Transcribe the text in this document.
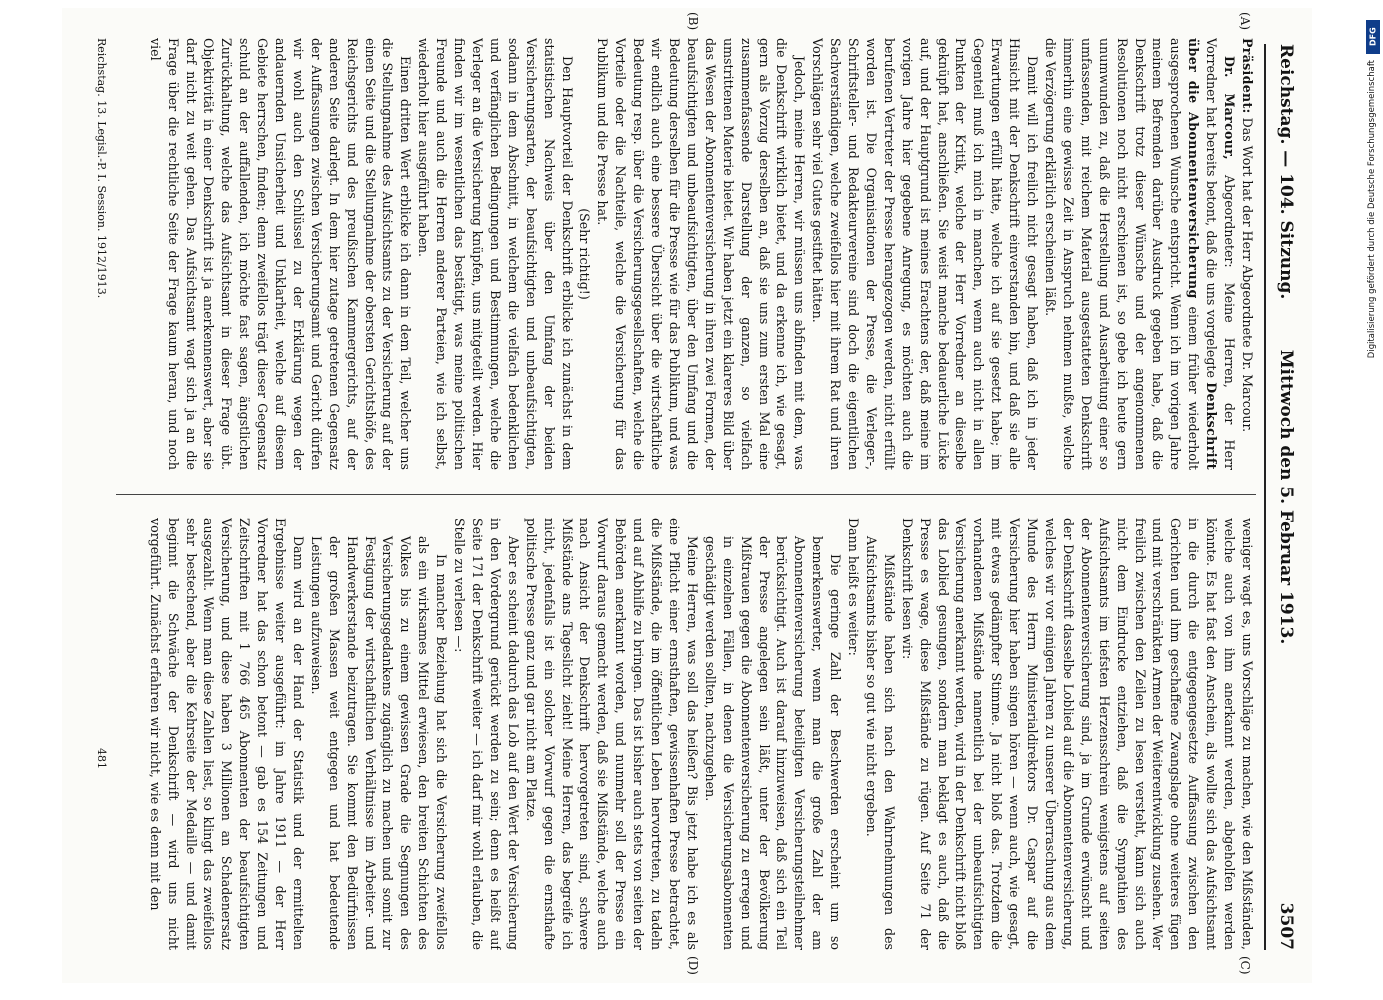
Reichstag. — 104. Sitzung.
Mittwoch den 5. Februar 1913.
3507
(A)
(B)
(C)
(D)

Präsident: Das Wort hat der Herr Abgeordnete Dr. Marcour.

Dr. Marcour, Abgeordneter: Meine Herren, der Herr Vorredner hat bereits betont, daß die uns vorgelegte Denkschrift über die Abonnentenversicherung einem früher wiederholt ausgesprochenen Wunsche entspricht. Wenn ich im vorigen Jahre meinem Befremden darüber Ausdruck gegeben habe, daß die Denkschrift trotz dieser Wünsche und der angenommenen Resolutionen noch nicht erschienen ist, so gebe ich heute gern unumwunden zu, daß die Herstellung und Ausarbeitung einer so umfassenden, mit reichem Material ausgestatteten Denkschrift immerhin eine gewisse Zeit in Anspruch nehmen mußte, welche die Verzögerung erklärlich erscheinen läßt.

Damit will ich freilich nicht gesagt haben, daß ich in jeder Hinsicht mit der Denkschrift einverstanden bin, und daß sie alle Erwartungen erfüllt hätte, welche ich auf sie gesetzt habe; im Gegenteil muß ich mich in manchen, wenn auch nicht in allen Punkten der Kritik, welche der Herr Vorredner an dieselbe geknüpft hat, anschließen. Sie weist manche bedauerliche Lücke auf, und der Hauptgrund ist meines Erachtens der, daß meine im vorigen Jahre hier gegebene Anregung, es möchten auch die berufenen Vertreter der Presse herangezogen werden, nicht erfüllt worden ist. Die Organisationen der Presse, die Verleger-, Schriftsteller- und Redakteurvereine sind doch die eigentlichen Sachverständigen, welche zweifellos hier mit ihrem Rat und ihren Vorschlägen sehr viel Gutes gestiftet hätten.

Jedoch, meine Herren, wir müssen uns abfinden mit dem, was die Denkschrift wirklich bietet, und da erkenne ich, wie gesagt, gern als Vorzug derselben an, daß sie uns zum ersten Mal eine zusammenfassende Darstellung der ganzen, so vielfach umstrittenen Materie bietet. Wir haben jetzt ein klareres Bild über das Wesen der Abonnentenversicherung in ihren zwei Formen, der beaufsichtigten und unbeaufsichtigten, über den Umfang und die Bedeutung derselben für die Presse wie für das Publikum, und was wir endlich auch eine bessere Übersicht über die wirtschaftliche Bedeutung resp. über die Versicherungsgesellschaften, welche die Vorteile oder die Nachteile, welche die Versicherung für das Publikum und die Presse hat.

(Sehr richtig!)

Den Hauptvorteil der Denkschrift erblicke ich zunächst in dem statistischen Nachweis über den Umfang der beiden Versicherungsarten, der beaufsichtigten und unbeaufsichtigten, sodann in dem Abschnitt, in welchem die vielfach bedenklichen und verfänglichen Bedingungen und Bestimmungen, welche die Verleger an die Versicherung knüpfen, uns mitgeteilt werden. Hier finden wir im wesentlichen das bestätigt, was meine politischen Freunde und auch die Herren anderer Parteien, wie ich selbst, wiederholt hier ausgeführt haben.

Einen dritten Wert erblicke ich dann in dem Teil, welcher uns die Stellungnahme des Aufsichtsamts zu der Versicherung auf der einen Seite und die Stellungnahme der obersten Gerichtshöfe, des Reichsgerichts und des preußischen Kammergerichts, auf der anderen Seite darlegt. In dem hier zutage getretenen Gegensatz der Auffassungen zwischen Versicherungsamt und Gericht dürfen wir wohl auch den Schlüssel zu der Erklärung wegen der andauernden Unsicherheit und Unklarheit, welche auf diesem Gebiete herrschen, finden; denn zweifellos trägt dieser Gegensatz schuld an der auffallenden, ich möchte fast sagen, ängstlichen Zurückhaltung, welche das Aufsichtsamt in dieser Frage übt. Objektivität in einer Denkschrift ist ja anerkennenswert, aber sie darf nicht zu weit gehen. Das Aufsichtsamt wagt sich ja an die Frage über die rechtliche Seite der Frage kaum heran, und noch viel

weniger wagt es, uns Vorschläge zu machen, wie den Mißständen, welche auch von ihm anerkannt werden, abgeholfen werden könnte. Es hat fast den Anschein, als wollte sich das Aufsichtsamt in die durch die entgegengesetzte Auffassung zwischen den Gerichten und ihm geschaffene Zwangslage ohne weiteres fügen und mit verschränkten Armen der Weiterentwicklung zusehen. Wer freilich zwischen den Zeilen zu lesen versteht, kann sich auch nicht dem Eindrucke entziehen, daß die Sympathien des Aufsichtsamts im tiefsten Herzensschrein wenigstens auf seiten der Abonnentenversicherung sind, ja im Grunde erwünscht und der Denkschrift dasselbe Loblied auf die Abonnentenversicherung, welches wir vor einigen Jahren zu unserer Überraschung aus dem Munde des Herrn Ministerialdirektors Dr. Caspar auf die Versicherung hier haben singen hören — wenn auch, wie gesagt, mit etwas gedämpfter Stimme. Ja nicht bloß das. Trotzdem die vorhandenen Mißstände namentlich bei der unbeaufsichtigten Versicherung anerkannt werden, wird in der Denkschrift nicht bloß das Loblied gesungen, sondern man beklagt es auch, daß die Presse es wage, diese Mißstände zu rügen. Auf Seite 71 der Denkschrift lesen wir:

Mißstände haben sich nach den Wahrnehmungen des Aufsichtsamts bisher so gut wie nicht ergeben.

Dann heißt es weiter:

Die geringe Zahl der Beschwerden erscheint um so bemerkenswerter, wenn man die große Zahl der am Abonnentenversicherung beteiligten Versicherungsteilnehmer berücksichtigt. Auch ist darauf hinzuweisen, daß sich ein Teil der Presse angelegen sein läßt, unter der Bevölkerung Mißtrauen gegen die Abonnentenversicherung zu erregen und in einzelnen Fällen, in denen die Versicherungsabonnenten geschädigt werden sollten, nachzugehen.

Meine Herren, was soll das heißen? Bis jetzt habe ich es als eine Pflicht einer ernsthaften, gewissenhaften Presse betrachtet, die Mißstände, die im öffentlichen Leben hervortreten, zu tadeln und auf Abhilfe zu bringen. Das ist bisher auch stets von seiten der Behörden anerkannt worden, und nunmehr soll der Presse ein Vorwurf daraus gemacht werden, daß sie Mißstände, welche auch nach Ansicht der Denkschrift hervorgetreten sind, schwere Mißstände ans Tageslicht zieht! Meine Herren, das begreife ich nicht, jedenfalls ist ein solcher Vorwurf gegen die ernsthafte politische Presse ganz und gar nicht am Platze.

Aber es scheint dadurch das Lob auf den Wert der Versicherung in den Vordergrund gerückt werden zu sein; denn es heißt auf Seite 171 der Denkschrift weiter — ich darf mir wohl erlauben, die Stelle zu verlesen —:

In mancher Beziehung hat sich die Versicherung zweifellos als ein wirksames Mittel erwiesen, den breiten Schichten des Volkes bis zu einem gewissen Grade die Segnungen des Versicherungsgedankens zugänglich zu machen und somit zur Festigung der wirtschaftlichen Verhältnisse im Arbeiter- und Handwerkerstande beizutragen. Sie kommt den Bedürfnissen der großen Massen weit entgegen und hat bedeutende Leistungen aufzuweisen.

Dann wird an der Hand der Statistik und der ermittelten Ergebnisse weiter ausgeführt: im Jahre 1911 — der Herr Vorredner hat das schon betont — gab es 154 Zeitungen und Zeitschriften mit 1 766 465 Abonnenten der beaufsichtigten Versicherung, und diese haben 3 Millionen an Schadenersatz ausgezahlt. Wenn man diese Zahlen liest, so klingt das zweifellos sehr bestechend, aber die Kehrseite der Medaille — und damit beginnt die Schwäche der Denkschrift — wird uns nicht vorgeführt. Zunächst erfahren wir nicht, wie es denn mit den

Reichstag. 13. Legisl.-P. I. Session. 1912/1913.
481
DFG
Digitalisierung gefördert durch die Deutsche Forschungsgemeinschaft
